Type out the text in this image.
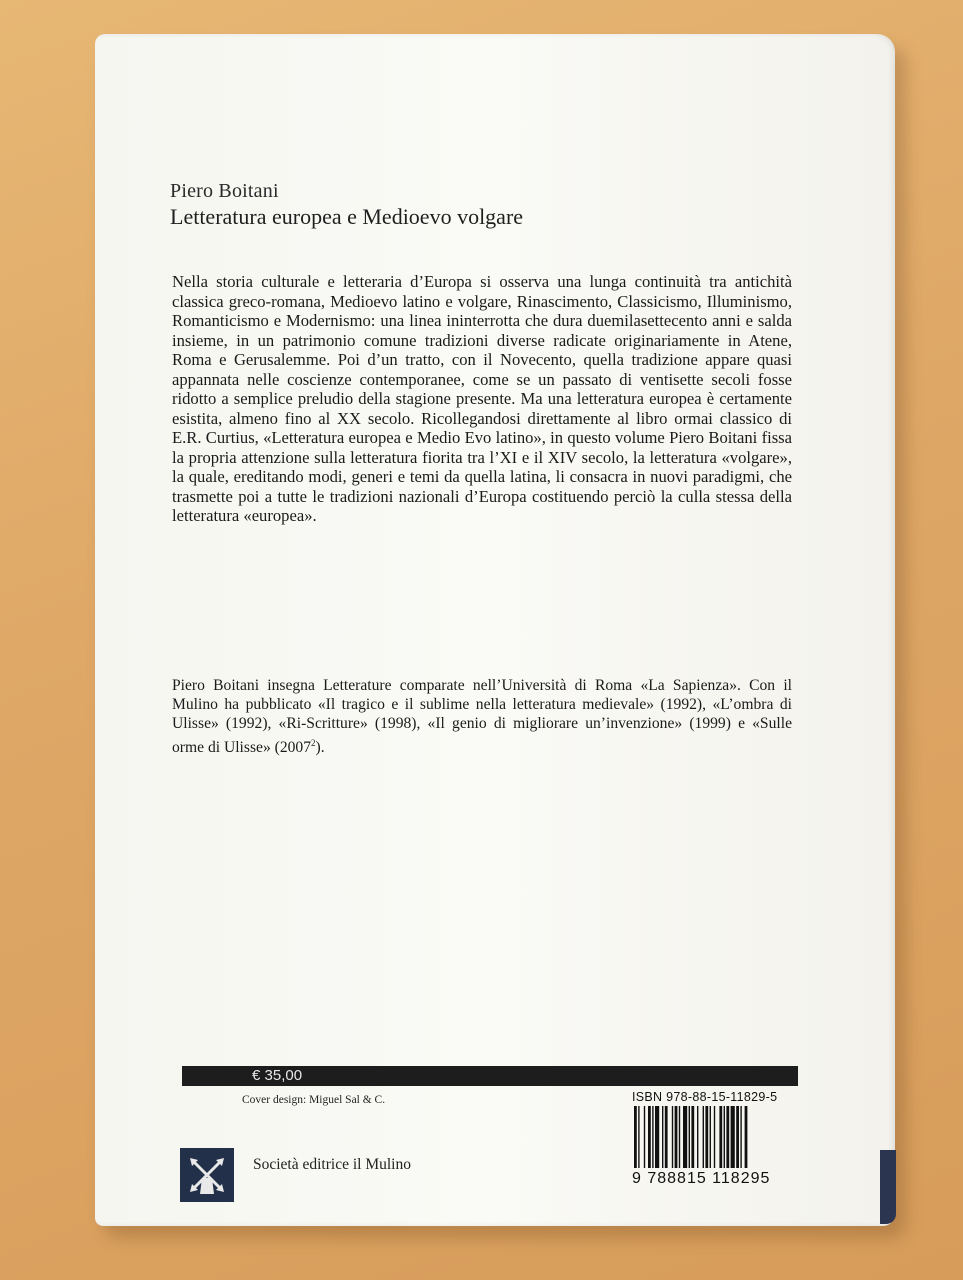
Piero Boitani
Letteratura europea e Medioevo volgare
Nella storia culturale e letteraria d’Europa si osserva una lunga continuità tra antichità classica greco-romana, Medioevo latino e volgare, Rinascimento, Classicismo, Illuminismo, Romanticismo e Modernismo: una linea ininterrotta che dura duemilasettecento anni e salda insieme, in un patrimonio comune tradizioni diverse radicate originariamente in Atene, Roma e Gerusalemme. Poi d’un tratto, con il Novecento, quella tradizione appare quasi appannata nelle coscienze contemporanee, come se un passato di ventisette secoli fosse ridotto a semplice preludio della stagione presente. Ma una letteratura europea è certamente esistita, almeno fino al XX secolo. Ricollegandosi direttamente al libro ormai classico di E.R. Curtius, «Letteratura europea e Medio Evo latino», in questo volume Piero Boitani fissa la propria attenzione sulla letteratura fiorita tra l’XI e il XIV secolo, la letteratura «volgare», la quale, ereditando modi, generi e temi da quella latina, li consacra in nuovi paradigmi, che trasmette poi a tutte le tradizioni nazionali d’Europa costituendo perciò la culla stessa della letteratura «europea».
Piero Boitani insegna Letterature comparate nell’Università di Roma «La Sapienza». Con il Mulino ha pubblicato «Il tragico e il sublime nella letteratura medievale» (1992), «L’ombra di Ulisse» (1992), «Ri-Scritture» (1998), «Il genio di migliorare un’invenzione» (1999) e «Sulle orme di Ulisse» (2007$^2$).
€ 35,00
Cover design: Miguel Sal & C.
Società editrice il Mulino
ISBN 978-88-15-11829-5
9 788815 118295
